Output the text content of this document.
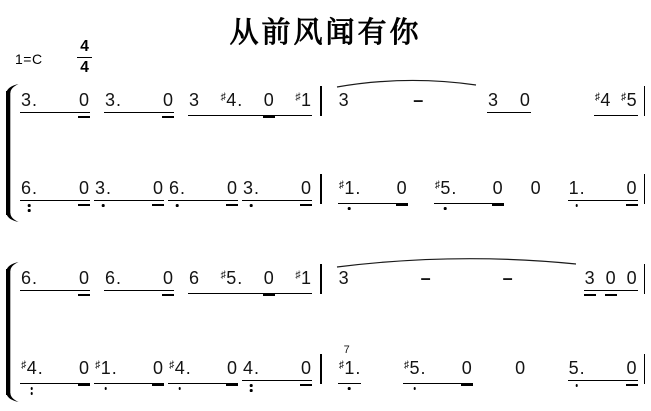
从前风闻有你
1=C
4
4
3. 0 3. 0 3 ♯4. 0 ♯1 3	–	3 0	♯4 ♯5
6. 0 3. 0 6. 0 3. 0	♯1. 0	♯5. 0 0 1. 0
6. 0 6. 0 6 ♯5. 0 ♯1 3	–	–	3 0 0
♯4. 0 ♯1. 0 ♯4. 0 4. 0	♯
7
1.	♯5. 0 0 5. 0
